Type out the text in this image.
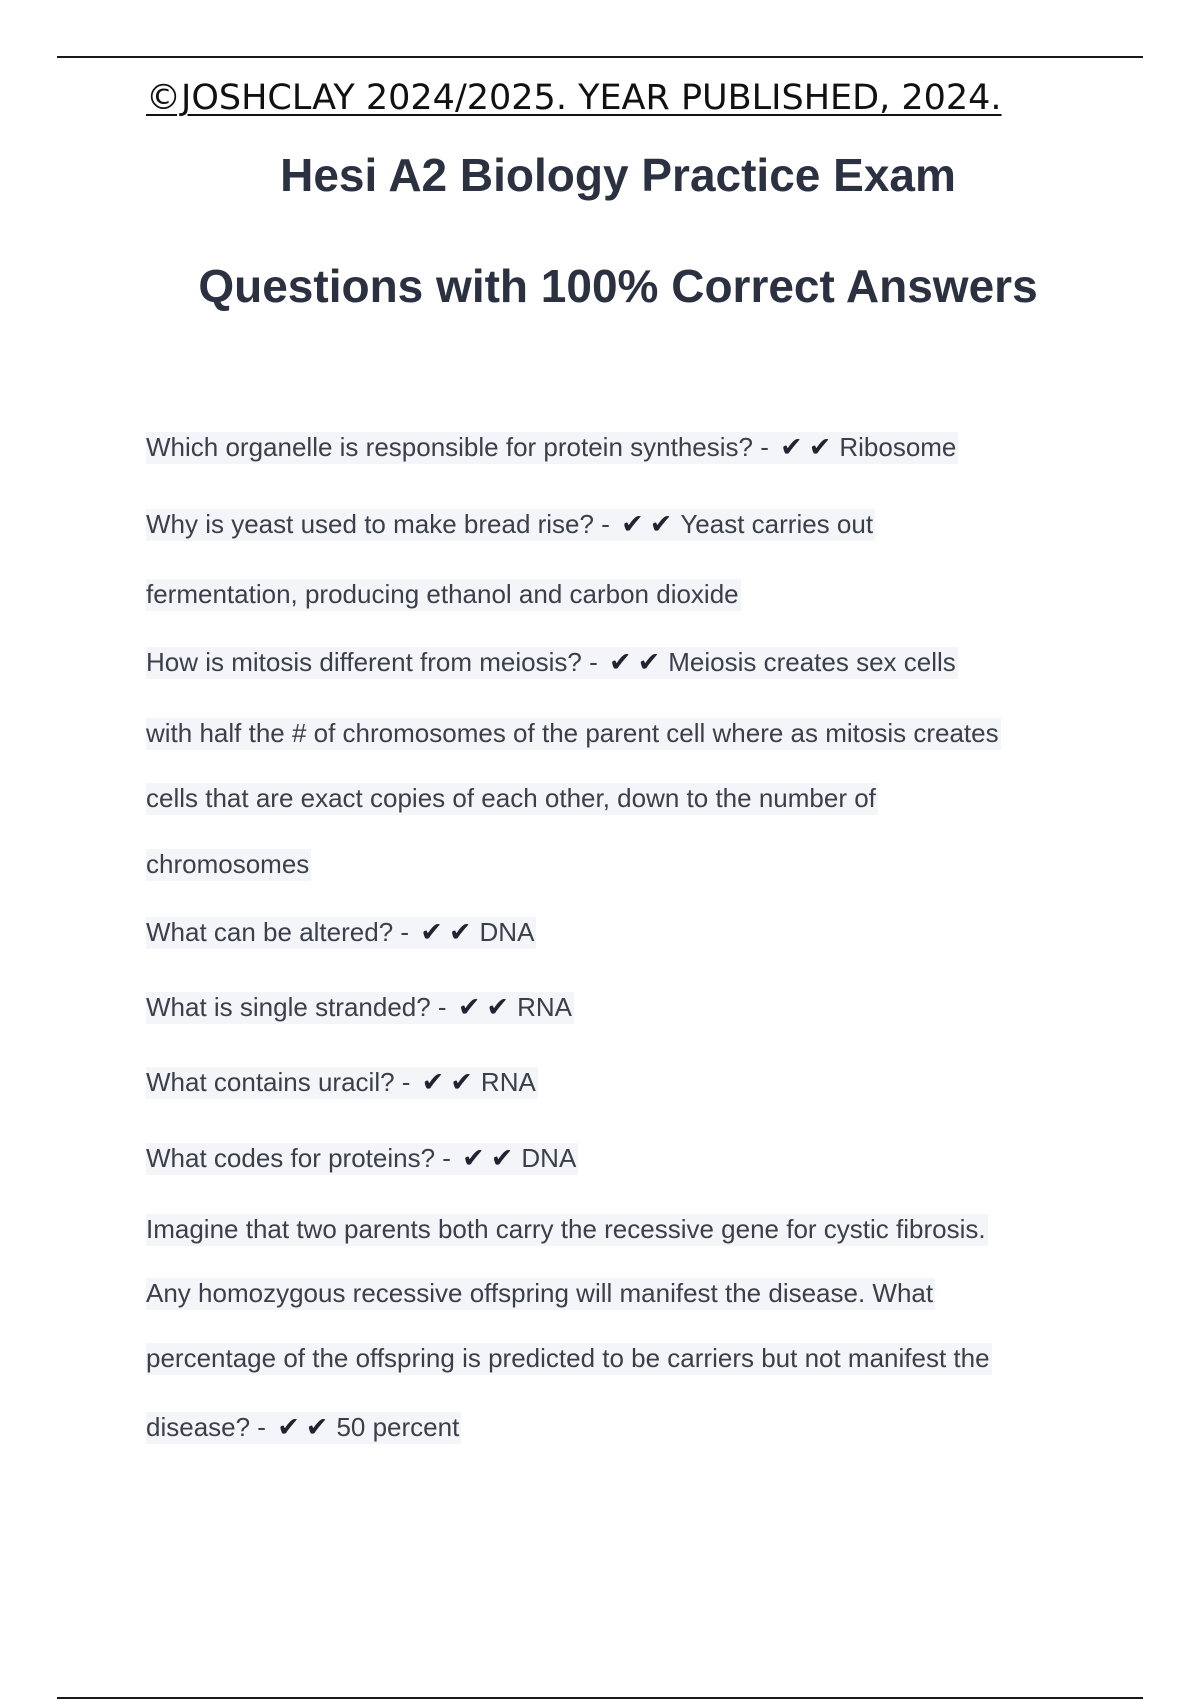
©JOSHCLAY 2024/2025. YEAR PUBLISHED, 2024.
Hesi A2 Biology Practice Exam
Questions with 100% Correct Answers
Which organelle is responsible for protein synthesis? - ✔✔Ribosome
Why is yeast used to make bread rise? - ✔✔Yeast carries out
fermentation, producing ethanol and carbon dioxide
How is mitosis different from meiosis? - ✔✔Meiosis creates sex cells
with half the # of chromosomes of the parent cell where as mitosis creates
cells that are exact copies of each other, down to the number of
chromosomes
What can be altered? - ✔✔DNA
What is single stranded? - ✔✔RNA
What contains uracil? - ✔✔RNA
What codes for proteins? - ✔✔DNA
Imagine that two parents both carry the recessive gene for cystic fibrosis.
Any homozygous recessive offspring will manifest the disease. What
percentage of the offspring is predicted to be carriers but not manifest the
disease? - ✔✔50 percent
